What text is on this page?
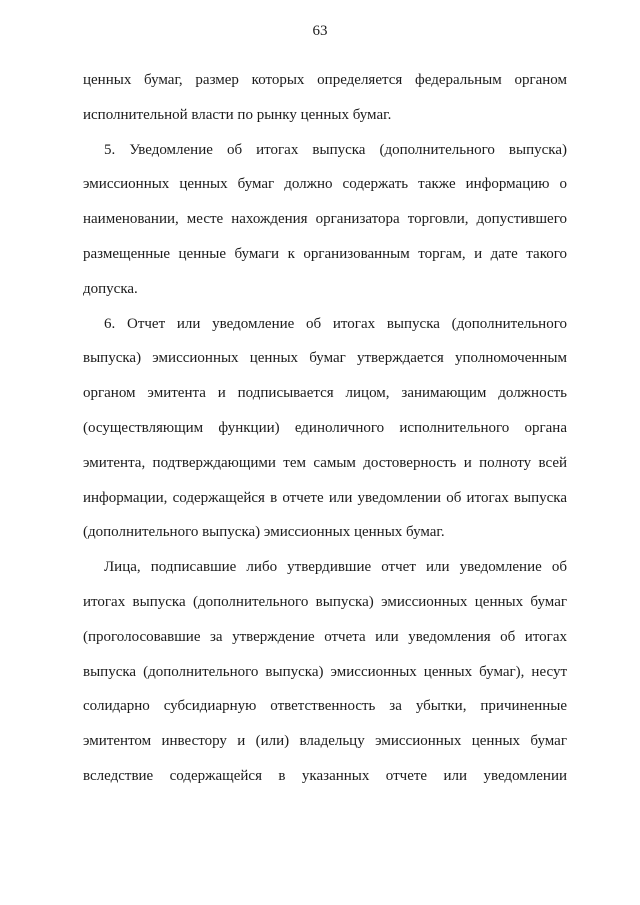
63
ценных бумаг, размер которых определяется федеральным органом
исполнительной власти по рынку ценных бумаг.
5. Уведомление об итогах выпуска (дополнительного выпуска)
эмиссионных ценных бумаг должно содержать также информацию о
наименовании, месте нахождения организатора торговли, допустившего
размещенные ценные бумаги к организованным торгам, и дате такого
допуска.
6. Отчет или уведомление об итогах выпуска (дополнительного
выпуска) эмиссионных ценных бумаг утверждается уполномоченным
органом эмитента и подписывается лицом, занимающим должность
(осуществляющим функции) единоличного исполнительного органа
эмитента, подтверждающими тем самым достоверность и полноту всей
информации, содержащейся в отчете или уведомлении об итогах выпуска
(дополнительного выпуска) эмиссионных ценных бумаг.
Лица, подписавшие либо утвердившие отчет или уведомление об
итогах выпуска (дополнительного выпуска) эмиссионных ценных бумаг
(проголосовавшие за утверждение отчета или уведомления об итогах
выпуска (дополнительного выпуска) эмиссионных ценных бумаг), несут
солидарно субсидиарную ответственность за убытки, причиненные
эмитентом инвестору и (или) владельцу эмиссионных ценных бумаг
вследствие содержащейся в указанных отчете или уведомлении
